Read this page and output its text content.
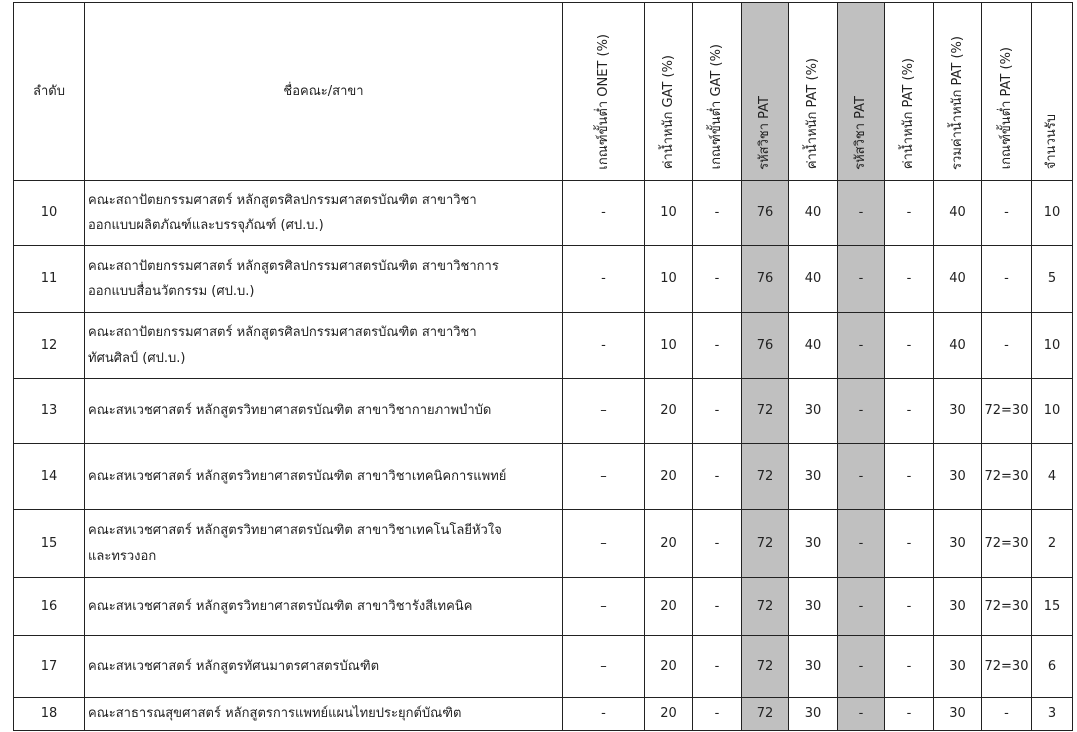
ลำดับ	ชื่อคณะ/สาขา	เกณฑ์ขั้นต่ำ ONET (%)	ค่าน้ำหนัก GAT (%)	เกณฑ์ขั้นต่ำ GAT (%)	รหัสวิชา PAT	ค่าน้ำหนัก PAT (%)	รหัสวิชา PAT	ค่าน้ำหนัก PAT (%)	รวมค่าน้ำหนัก PAT (%)	เกณฑ์ขั้นต่ำ PAT (%)	จำนวนรับ
10	คณะสถาปัตยกรรมศาสตร์ หลักสูตรศิลปกรรมศาสตรบัณฑิต สาขาวิชา
ออกแบบผลิตภัณฑ์และบรรจุภัณฑ์ (ศป.บ.)	-	10	-	76	40	-	-	40	-	10
11	คณะสถาปัตยกรรมศาสตร์ หลักสูตรศิลปกรรมศาสตรบัณฑิต สาขาวิชาการ
ออกแบบสื่อนวัตกรรม (ศป.บ.)	-	10	-	76	40	-	-	40	-	5
12	คณะสถาปัตยกรรมศาสตร์ หลักสูตรศิลปกรรมศาสตรบัณฑิต สาขาวิชา
ทัศนศิลป์ (ศป.บ.)	-	10	-	76	40	-	-	40	-	10
13	คณะสหเวชศาสตร์ หลักสูตรวิทยาศาสตรบัณฑิต สาขาวิชากายภาพบำบัด	–	20	-	72	30	-	-	30	72=30	10
14	คณะสหเวชศาสตร์ หลักสูตรวิทยาศาสตรบัณฑิต สาขาวิชาเทคนิคการแพทย์	–	20	-	72	30	-	-	30	72=30	4
15	คณะสหเวชศาสตร์ หลักสูตรวิทยาศาสตรบัณฑิต สาขาวิชาเทคโนโลยีหัวใจ
และทรวงอก	–	20	-	72	30	-	-	30	72=30	2
16	คณะสหเวชศาสตร์ หลักสูตรวิทยาศาสตรบัณฑิต สาขาวิชารังสีเทคนิค	–	20	-	72	30	-	-	30	72=30	15
17	คณะสหเวชศาสตร์ หลักสูตรทัศนมาตรศาสตรบัณฑิต	–	20	-	72	30	-	-	30	72=30	6
18	คณะสาธารณสุขศาสตร์ หลักสูตรการแพทย์แผนไทยประยุกต์บัณฑิต	-	20	-	72	30	-	-	30	-	3
